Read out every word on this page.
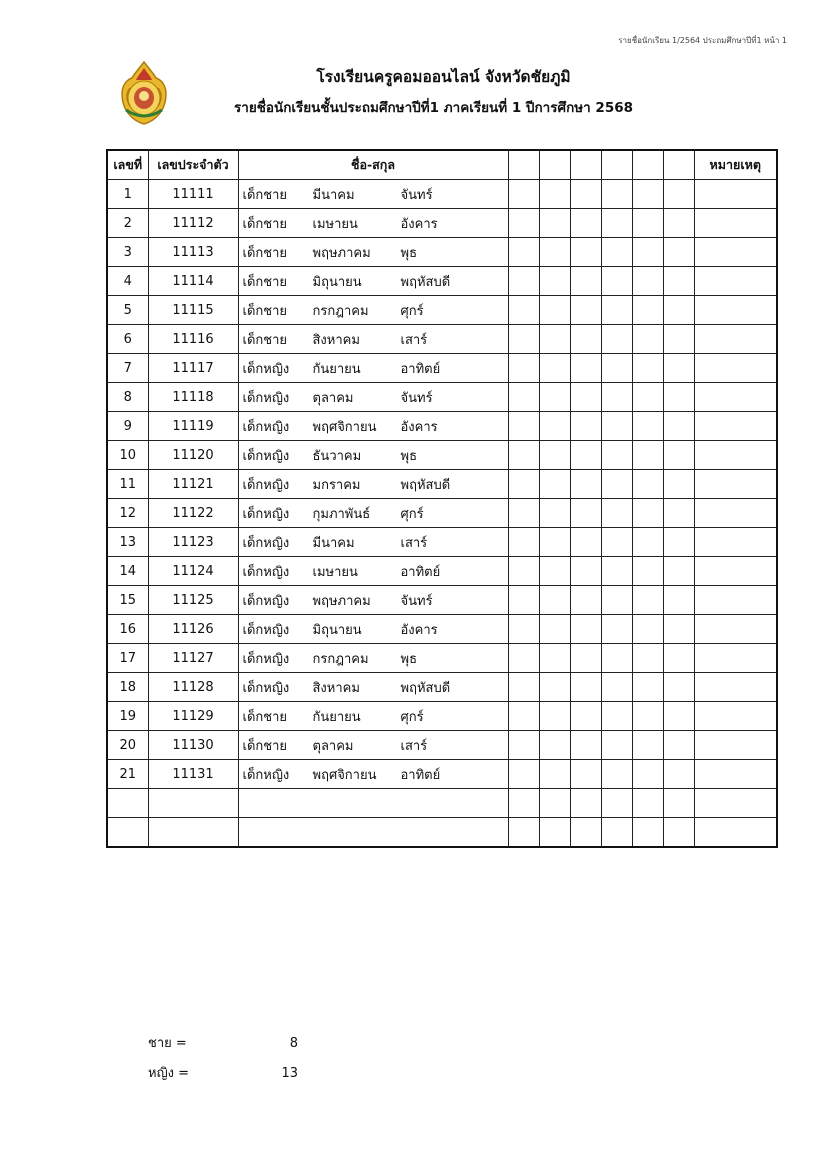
รายชื่อนักเรียน 1/2564 ประถมศึกษาปีที่1 หน้า 1
โรงเรียนครูคอมออนไลน์ จังหวัดชัยภูมิ
รายชื่อนักเรียนชั้นประถมศึกษาปีที่1 ภาคเรียนที่ 1 ปีการศึกษา 2568
เลขที่	เลขประจำตัว	ชื่อ-สกุล							หมายเหตุ
1	11111	เด็กชาย มีนาคม จันทร์							

2	11112	เด็กชาย เมษายน อังคาร							

3	11113	เด็กชาย พฤษภาคม พุธ							

4	11114	เด็กชาย มิถุนายน พฤหัสบดี							

5	11115	เด็กชาย กรกฎาคม ศุกร์							

6	11116	เด็กชาย สิงหาคม เสาร์							

7	11117	เด็กหญิง กันยายน อาทิตย์							

8	11118	เด็กหญิง ตุลาคม จันทร์							

9	11119	เด็กหญิง พฤศจิกายน อังคาร							

10	11120	เด็กหญิง ธันวาคม พุธ							

11	11121	เด็กหญิง มกราคม พฤหัสบดี							

12	11122	เด็กหญิง กุมภาพันธ์ ศุกร์							

13	11123	เด็กหญิง มีนาคม เสาร์							

14	11124	เด็กหญิง เมษายน อาทิตย์							

15	11125	เด็กหญิง พฤษภาคม จันทร์							

16	11126	เด็กหญิง มิถุนายน อังคาร							

17	11127	เด็กหญิง กรกฎาคม พุธ							

18	11128	เด็กหญิง สิงหาคม พฤหัสบดี							

19	11129	เด็กชาย กันยายน ศุกร์							

20	11130	เด็กชาย ตุลาคม เสาร์							

21	11131	เด็กหญิง พฤศจิกายน อาทิตย์							

ชาย =	8
หญิง =	13
